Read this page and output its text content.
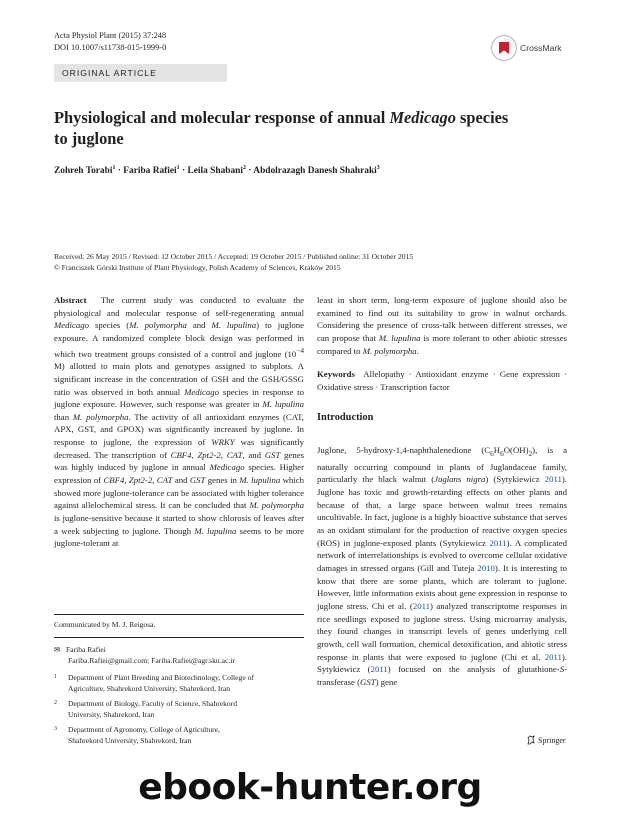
Acta Physiol Plant (2015) 37:248
DOI 10.1007/s11738-015-1999-0	CrossMark
ORIGINAL ARTICLE
Physiological and molecular response of annual Medicago species
to juglone
Zohreh Torabi$^1$ · Fariba Rafiei$^1$ · Leila Shabani$^2$ · Abdolrazagh Danesh Shahraki$^3$
Received: 26 May 2015 / Revised: 12 October 2015 / Accepted: 19 October 2015 / Published online: 31 October 2015
© Franciszek Górski Institute of Plant Physiology, Polish Academy of Sciences, Kraków 2015

Abstract The current study was conducted to evaluate the physiological and molecular response of self-regenerating annual Medicago species (M. polymorpha and M. lupulina) to juglone exposure. A randomized complete block design was performed in which two treatment groups consisted of a control and juglone ($10^{-4}$ M) allotted to main plots and genotypes assigned to subplots. A significant increase in the concentration of GSH and the GSH/GSSG ratio was observed in both annual Medicago species in response to juglone exposure. However, such response was greater in M. lupulina than M. polymorpha. The activity of all antioxidant enzymes (CAT, APX, GST, and GPOX) was significantly increased by juglone. In response to juglone, the expression of WRKY was significantly decreased. The transcription of CBF4, Zpt2-2, CAT, and GST genes was highly induced by juglone in annual Medicago species. Higher expression of CBF4, Zpt2-2, CAT and GST genes in M. lupulina which showed more juglone-tolerance can be associated with higher tolerance against allelochemical stress. It can be concluded that M. polymorpha is juglone-sensitive because it started to show chlorosis of leaves after a week subjecting to juglone. Though M. lupulina seems to be more juglone-tolerant at

least in short term, long-term exposure of juglone should also be examined to find out its suitability to grow in walnut orchards. Considering the presence of cross-talk between different stresses, we can propose that M. lupulina is more tolerant to other abiotic stresses compared to M. polymorpha.

Keywords Allelopathy · Antioxidant enzyme · Gene expression · Oxidative stress · Transcription factor

Introduction

Juglone, 5-hydroxy-1,4-naphthalenedione $(C_6H_6O(OH)_2)$, is a naturally occurring compound in plants of Juglandaceae family, particularly the black walnut (Juglans nigra) (Sytykiewicz 2011). Juglone has toxic and growth-retarding effects on other plants and because of that, a large space between walnut trees remains uncultivable. In fact, juglone is a highly bioactive substance that serves as an oxidant stimulant for the production of reactive oxygen species (ROS) in juglone-exposed plants (Sytykiewicz 2011). A complicated network of interrelationships is evolved to overcome cellular oxidative damages in stressed organs (Gill and Tuteja 2010). It is interesting to know that there are some plants, which are tolerant to juglone. However, little information exists about gene expression in response to juglone stress. Chi et al. (2011) analyzed transcriptome responses in rice seedlings exposed to juglone stress. Using microarray analysis, they found changes in transcript levels of genes underlying cell growth, cell wall formation, chemical detoxification, and abiotic stress response in plants that were exposed to juglone (Chi et al. 2011). Sytykiewicz (2011) focused on the analysis of glutathione-S-transferase (GST) gene

Communicated by M. J. Reigosa.
✉ Fariba Rafiei
Fariba.Rafiei@gmail.com; Fariba.Rafiei@agr.sku.ac.ir
1	Department of Plant Breeding and Biotechnology, College of
Agriculture, Shahrekord University, Shahrekord, Iran
2	Department of Biology, Faculty of Science, Shahrekord
University, Shahrekord, Iran
3	Department of Agronomy, College of Agriculture,
Shahrekord University, Shahrekord, Iran	Springer
ebook-hunter.org
